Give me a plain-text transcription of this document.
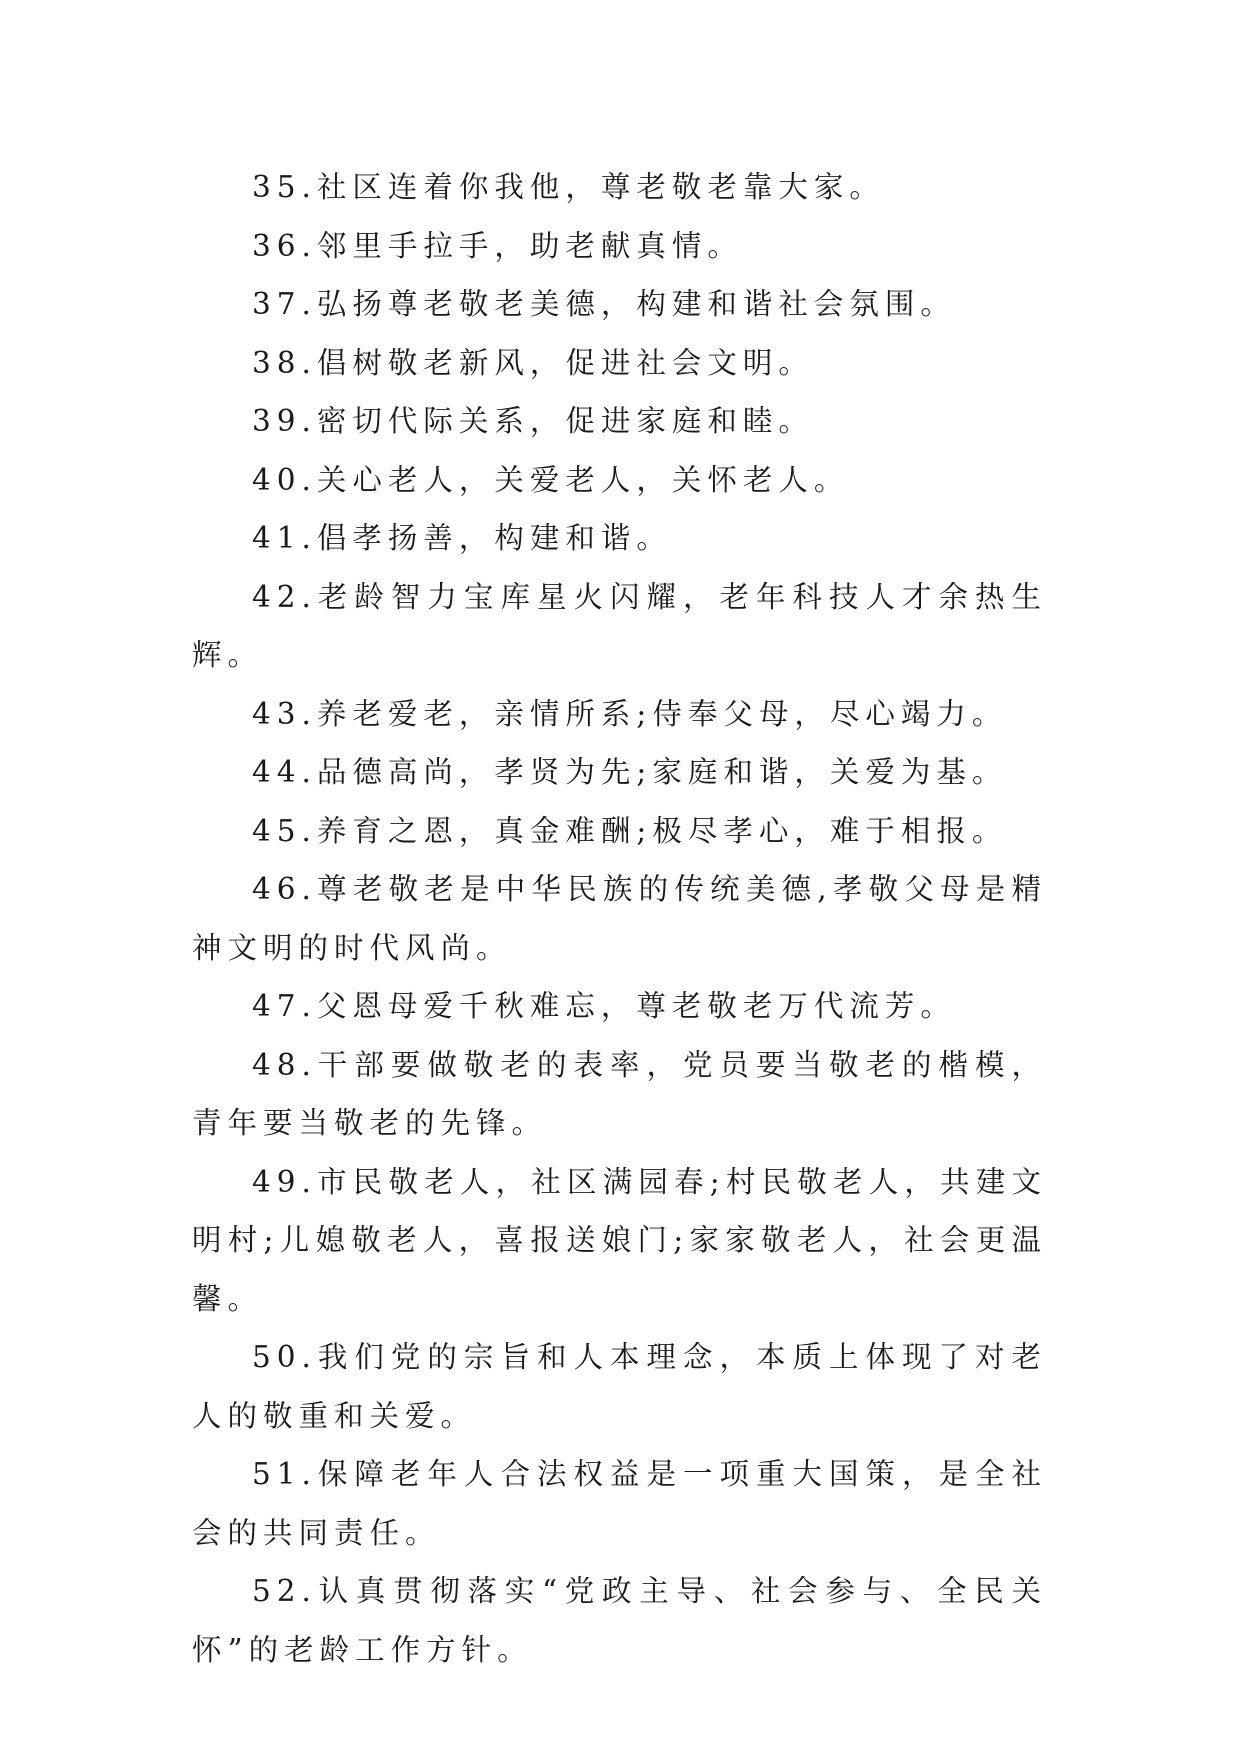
35.社区连着你我他，尊老敬老靠大家。

36.邻里手拉手，助老献真情。

37.弘扬尊老敬老美德，构建和谐社会氛围。

38.倡树敬老新风，促进社会文明。

39.密切代际关系，促进家庭和睦。

40.关心老人，关爱老人，关怀老人。

41.倡孝扬善，构建和谐。

42.老龄智力宝库星火闪耀，老年科技人才余热生辉。

43.养老爱老，亲情所系;侍奉父母，尽心竭力。

44.品德高尚，孝贤为先;家庭和谐，关爱为基。

45.养育之恩，真金难酬;极尽孝心，难于相报。

46.尊老敬老是中华民族的传统美德,孝敬父母是精神文明的时代风尚。

47.父恩母爱千秋难忘，尊老敬老万代流芳。

48.干部要做敬老的表率，党员要当敬老的楷模，青年要当敬老的先锋。

49.市民敬老人，社区满园春;村民敬老人，共建文明村;儿媳敬老人，喜报送娘门;家家敬老人，社会更温馨。

50.我们党的宗旨和人本理念，本质上体现了对老人的敬重和关爱。

51.保障老年人合法权益是一项重大国策，是全社会的共同责任。

52.认真贯彻落实“党政主导、社会参与、全民关怀”的老龄工作方针。
